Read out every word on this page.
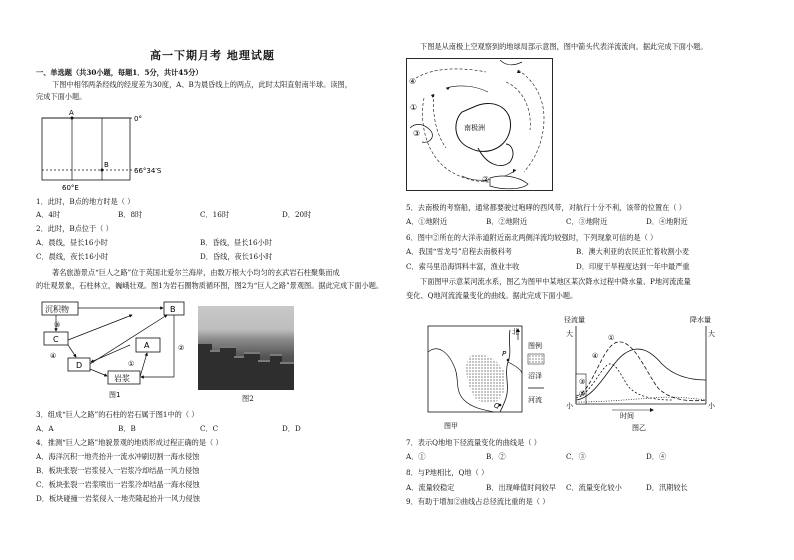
高一下期月考 地理试题
一、单选题（共30小题，每题1．5分，共计45分）
下图中相邻两条经线的经度差为30度，A、B为晨昏线上的两点，此时太阳直射南半球。读图，
完成下面小题。
A
B
0°
66°34′S
60°E
1．此时，B点的地方时是（ ）
A．4时	B．8时	C．16时	D．20时
2．此时，B点位于（ ）
A．晨线，昼长16小时	B．昏线，昼长16小时
C．晨线，夜长16小时	D．昏线，夜长16小时
著名旅游景点“巨人之路”位于英国北爱尔兰海岸，由数万根大小均匀的玄武岩石柱聚集而成
的壮观景象，石柱林立，巍峨壮观。图1为岩石圈物质循环图，图2为“巨人之路”景观图。据此完成下面小题。
沉积物	B
C
A
D
岩浆
③
④
①
②
图1	图2
3．组成“巨人之路”的石柱的岩石属于图1中的（ ）
A．A	B．B	C．C	D．D
4．推测“巨人之路”地貌景观的地质形成过程正确的是（ ）
A．海洋沉积一地壳抬升一流水冲刷切割一海水侵蚀
B．板块张裂一岩浆侵入一岩浆冷却结晶一风力侵蚀
C．板块张裂一岩浆喷出一岩浆冷却结晶一海水侵蚀
D．板块碰撞一岩浆侵入一地壳隆起抬升一风力侵蚀
下图是从南极上空观察到的地球局部示意图，图中箭头代表洋流流向。据此完成下面小题。
④
①
③
②
南极洲
5．去南极的考察船，通常都要驶过咆哮的西风带，对航行十分不利，该带的位置在（ ）
A．①地附近	B．②地附近	C．③地附近	D．④地附近
6．图中②所在的大洋赤道附近南北两侧洋流均较强时，下列现象可信的是（ ）
A．我国“雪龙号”启程去南极科考	B．澳大利亚的农民正忙着收割小麦
C．索马里沿海饵料丰富，渔业丰收	D．印度干旱程度达到一年中最严重
下面图甲示意某河流水系，图乙为图甲中某地区某次降水过程中降水量、P地河流流量
变化、Q地河流流量变化的曲线。据此完成下面小题。
北
P
Q
图例
沼泽
河流
图甲
径流量	降水量
大	大
小	小
①
④
③
②
时间
图乙
7．表示Q地地下径流量变化的曲线是（ ）
A．①	B．②	C．③	D．④
8．与P地相比，Q地（ ）
A．流量较稳定	B．出现峰值时间较早 C．流量变化较小	D．汛期较长
9．有助于增加②曲线占总径流比重的是（ ）
